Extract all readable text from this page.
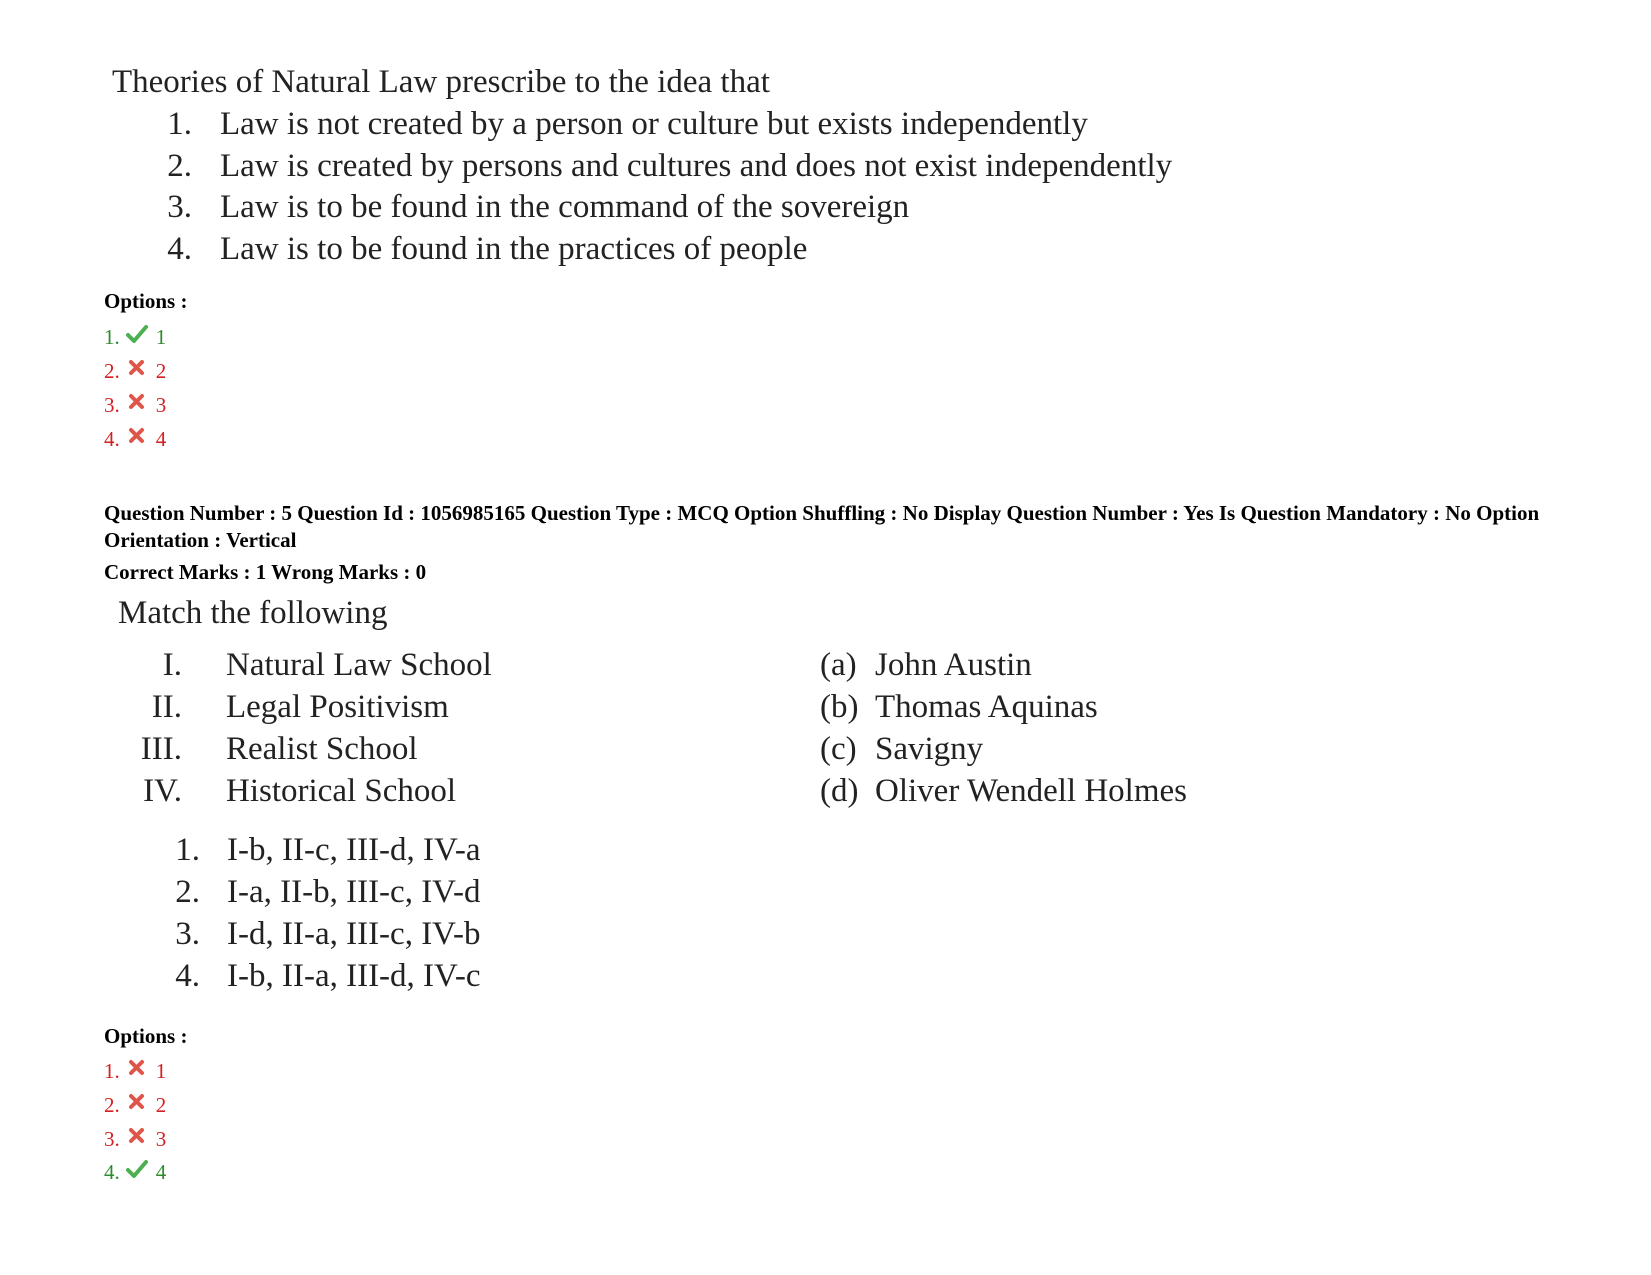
Theories of Natural Law prescribe to the idea that
1. Law is not created by a person or culture but exists independently
2. Law is created by persons and cultures and does not exist independently
3. Law is to be found in the command of the sovereign
4. Law is to be found in the practices of people
Options :
1. 1
2. 2
3. 3
4. 4
Question Number : 5 Question Id : 1056985165 Question Type : MCQ Option Shuffling : No Display Question Number : Yes Is Question Mandatory : No Option Orientation : Vertical
Correct Marks : 1 Wrong Marks : 0
Match the following
I. Natural Law School
II. Legal Positivism
III. Realist School
IV. Historical School
(a) John Austin
(b) Thomas Aquinas
(c) Savigny
(d) Oliver Wendell Holmes
1. I-b, II-c, III-d, IV-a
2. I-a, II-b, III-c, IV-d
3. I-d, II-a, III-c, IV-b
4. I-b, II-a, III-d, IV-c
Options :
1. 1
2. 2
3. 3
4. 4
